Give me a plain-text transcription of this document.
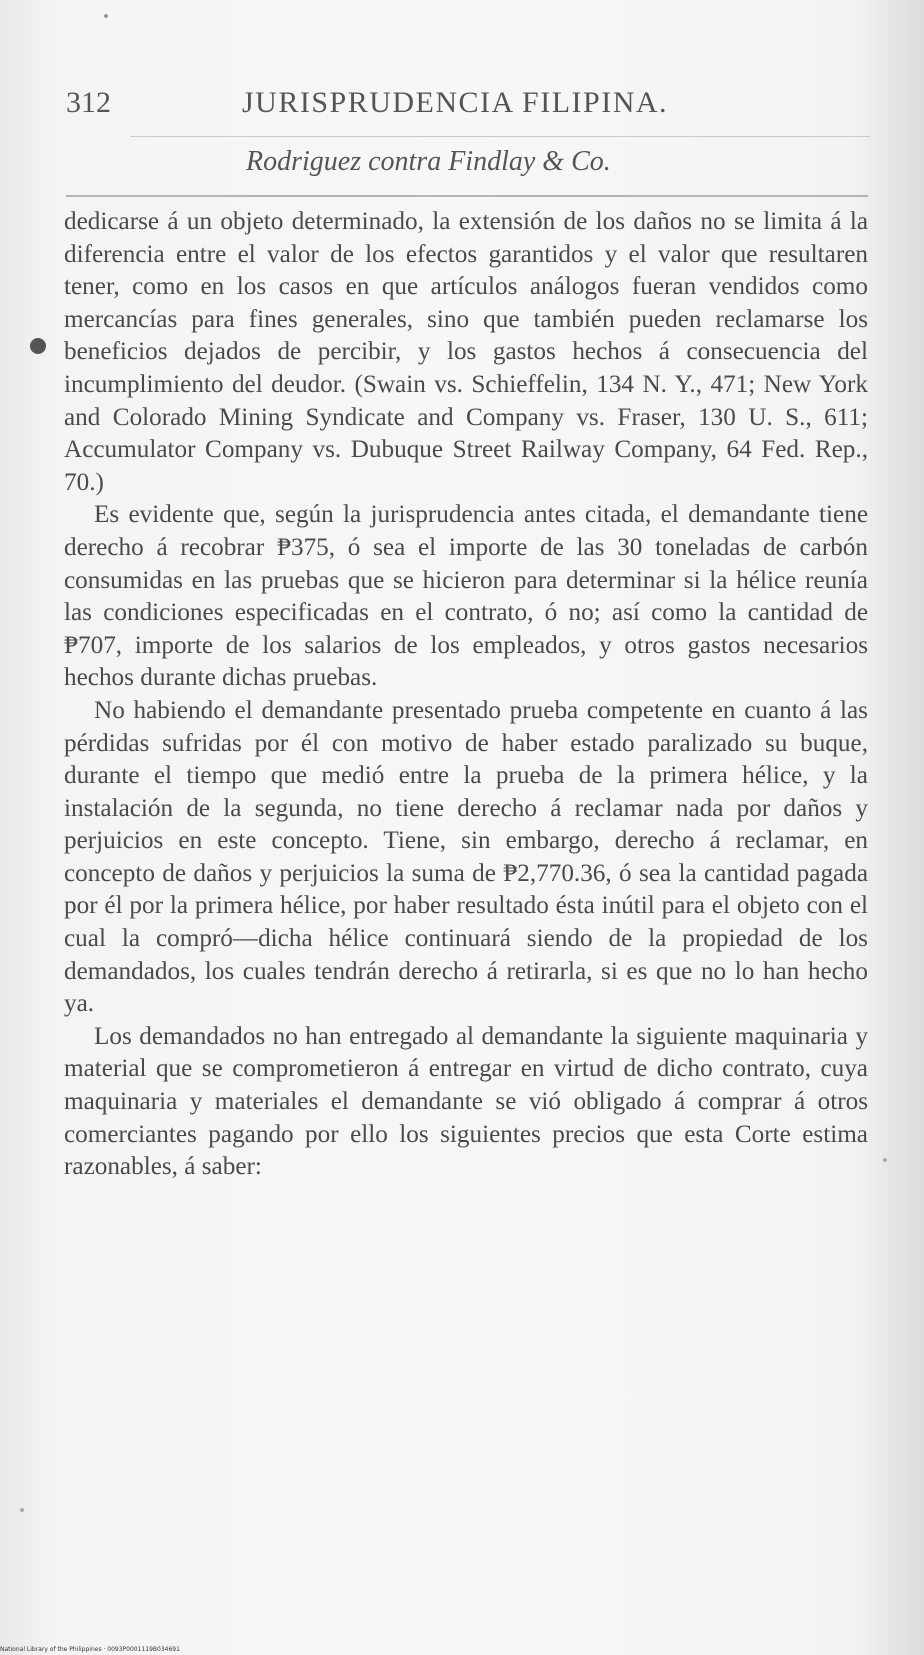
312	JURISPRUDENCIA FILIPINA.
Rodriguez contra Findlay & Co.

dedicarse á un objeto determinado, la extensión de los daños no se limita á la diferencia entre el valor de los efectos garantidos y el valor que resultaren tener, como en los casos en que artículos análogos fueran vendidos como mercancías para fines generales, sino que también pueden reclamarse los beneficios dejados de percibir, y los gastos hechos á consecuencia del incumplimiento del deudor. (Swain vs. Schieffelin, 134 N. Y., 471; New York and Colorado Mining Syndicate and Company vs. Fraser, 130 U. S., 611; Accumulator Company vs. Dubuque Street Railway Company, 64 Fed. Rep., 70.)

Es evidente que, según la jurisprudencia antes citada, el demandante tiene derecho á recobrar ₱375, ó sea el importe de las 30 toneladas de carbón consumidas en las pruebas que se hicieron para determinar si la hélice reunía las condiciones especificadas en el contrato, ó no; así como la cantidad de ₱707, importe de los salarios de los empleados, y otros gastos necesarios hechos durante dichas pruebas.

No habiendo el demandante presentado prueba competente en cuanto á las pérdidas sufridas por él con motivo de haber estado paralizado su buque, durante el tiempo que medió entre la prueba de la primera hélice, y la instalación de la segunda, no tiene derecho á reclamar nada por daños y perjuicios en este concepto. Tiene, sin embargo, derecho á reclamar, en concepto de daños y perjuicios la suma de ₱2,770.36, ó sea la cantidad pagada por él por la primera hélice, por haber resultado ésta inútil para el objeto con el cual la compró—dicha hélice continuará siendo de la propiedad de los demandados, los cuales tendrán derecho á retirarla, si es que no lo han hecho ya.

Los demandados no han entregado al demandante la siguiente maquinaria y material que se comprometieron á entregar en virtud de dicho contrato, cuya maquinaria y materiales el demandante se vió obligado á comprar á otros comerciantes pagando por ello los siguientes precios que esta Corte estima razonables, á saber:

National Library of the Philippines · 0093P0001119B034691
